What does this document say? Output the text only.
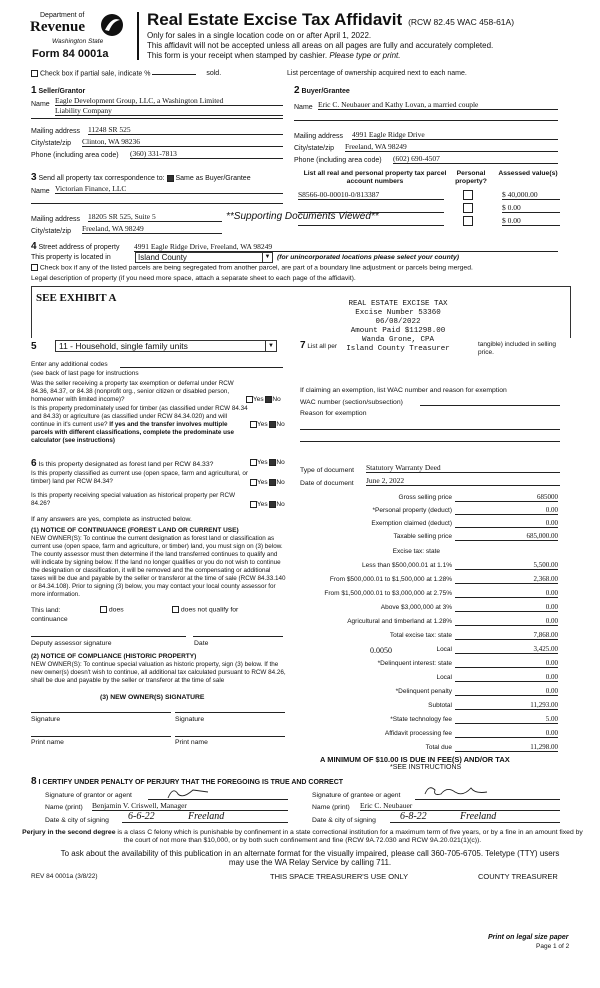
Department of
Revenue
Washington State
Form 84 0001a
Real Estate Excise Tax Affidavit (RCW 82.45 WAC 458-61A)
Only for sales in a single location code on or after April 1, 2022.
This affidavit will not be accepted unless all areas on all pages are fully and accurately completed.
This form is your receipt when stamped by cashier. Please type or print.
Check box if partial sale, indicate %	sold.	List percentage of ownership acquired next to each name.
1 Seller/Grantor
Name Eagle Development Group, LLC, a Washington Limited
Liability Company
Mailing address 11248 SR 525
City/state/zip Clinton, WA 98236
Phone (including area code) (360) 331-7813
2 Buyer/Grantee
Name Eric C. Neubauer and Kathy Lovan, a married couple
Mailing address 4991 Eagle Ridge Drive
City/state/zip Freeland, WA 98249
Phone (including area code) (602) 690-4507
3 Send all property tax correspondence to: Same as Buyer/Grantee
Name Victorian Finance, LLC
Mailing address 18205 SR 525, Suite 5	**Supporting Documents Viewed**
City/state/zip Freeland, WA 98249
List all real and personal property tax parcel account numbers
Personal property?
Assessed value(s)
S8566-00-00010-0/813387	$ 40,000.00
$ 0.00
$ 0.00
4 Street address of property 4991 Eagle Ridge Drive, Freeland, WA 98249
This property is located in	Island County	▼ (for unincorporated locations please select your county)
Check box if any of the listed parcels are being segregated from another parcel, are part of a boundary line adjustment or parcels being merged.
Legal description of property (if you need more space, attach a separate sheet to each page of the affidavit).
SEE EXHIBIT A	REAL ESTATE EXCISE TAX
Excise Number 53360
06/08/2022
Amount Paid $11298.00
Wanda Grone, CPA
Island County Treasurer
5	11 - Household, single family units	▼
Enter any additional codes
(see back of last page for instructions
Was the seller receiving a property tax exemption or deferral under RCW 84.36, 84.37, or 84.38 (nonprofit org., senior citizen or disabled person, homeowner with limited income)?	Yes No
Is this property predominately used for timber (as classified under RCW 84.34 and 84.33) or agriculture (as classified under RCW 84.34.020) and will continue in it's current use? If yes and the transfer involves multiple parcels with different classifications, complete the predominate use calculator (see instructions)
Yes No
7 List all per	tangible) included in selling price.
If claiming an exemption, list WAC number and reason for exemption
WAC number (section/subsection)
Reason for exemption
6 Is this property designated as forest land per RCW 84.33?	Yes No
Is this property classified as current use (open space, farm and agricultural, or timber) land per RCW 84.34?	Yes No
Is this property receiving special valuation as historical property per RCW 84.26?	Yes No
If any answers are yes, complete as instructed below.
(1) NOTICE OF CONTINUANCE (FOREST LAND OR CURRENT USE)
NEW OWNER(S): To continue the current designation as forest land or classification as current use (open space, farm and agriculture, or timber) land, you must sign on (3) below. The county assessor must then determine if the land transferred continues to qualify and will indicate by signing below. If the land no longer qualifies or you do not wish to continue the designation or classification, it will be removed and the compensating or additional taxes will be due and payable by the seller or transferor at the time of sale (RCW 84.33.140 or 84.34.108). Prior to signing (3) below, you may contact your local county assessor for more information.
This land:	does	does not qualify for
continuance
Deputy assessor signature	Date
(2) NOTICE OF COMPLIANCE (HISTORIC PROPERTY)
NEW OWNER(S): To continue special valuation as historic property, sign (3) below. If the new owner(s) doesn't wish to continue, all additional tax calculated pursuant to RCW 84.26, shall be due and payable by the seller or transferor at the time of sale
(3) NEW OWNER(S) SIGNATURE
Signature	Signature
Print name	Print name
Type of document Statutory Warranty Deed
Date of document June 2, 2022
Gross selling price	685000
*Personal property (deduct)	0.00
Exemption claimed (deduct)	0.00
Taxable selling price	685,000.00
Excise tax: state
Less than $500,000.01 at 1.1%	5,500.00
From $500,000.01 to $1,500,000 at 1.28%	2,368.00
From $1,500,000.01 to $3,000,000 at 2.75%	0.00
Above $3,000,000 at 3%	0.00
Agricultural and timberland at 1.28%	0.00
Total excise tax: state	7,868.00
0.0050	Local	3,425.00
*Delinquent interest: state	0.00
Local	0.00
*Delinquent penalty	0.00
Subtotal	11,293.00
*State technology fee	5.00
Affidavit processing fee	0.00
Total due	11,298.00
A MINIMUM OF $10.00 IS DUE IN FEE(S) AND/OR TAX
*SEE INSTRUCTIONS
8 I CERTIFY UNDER PENALTY OF PERJURY THAT THE FOREGOING IS TRUE AND CORRECT
Signature of grantor or agent
Name (print) Benjamin V. Criswell, Manager
Date & city of signing 6-6-22	Freeland
Signature of grantee or agent
Name (print) Eric C. Neubauer
Date & city of signing 6-8-22	Freeland
Perjury in the second degree is a class C felony which is punishable by confinement in a state correctional institution for a maximum term of five years, or by a fine in an amount fixed by the court of not more than $10,000, or by both such confinement and fine (RCW 9A.72.030 and RCW 9A.20.021(1)(c)).
To ask about the availability of this publication in an alternate format for the visually impaired, please call 360-705-6705. Teletype (TTY) users may use the WA Relay Service by calling 711.
REV 84 0001a (3/8/22)	THIS SPACE TREASURER'S USE ONLY	COUNTY TREASURER
Print on legal size paper
Page 1 of 2
